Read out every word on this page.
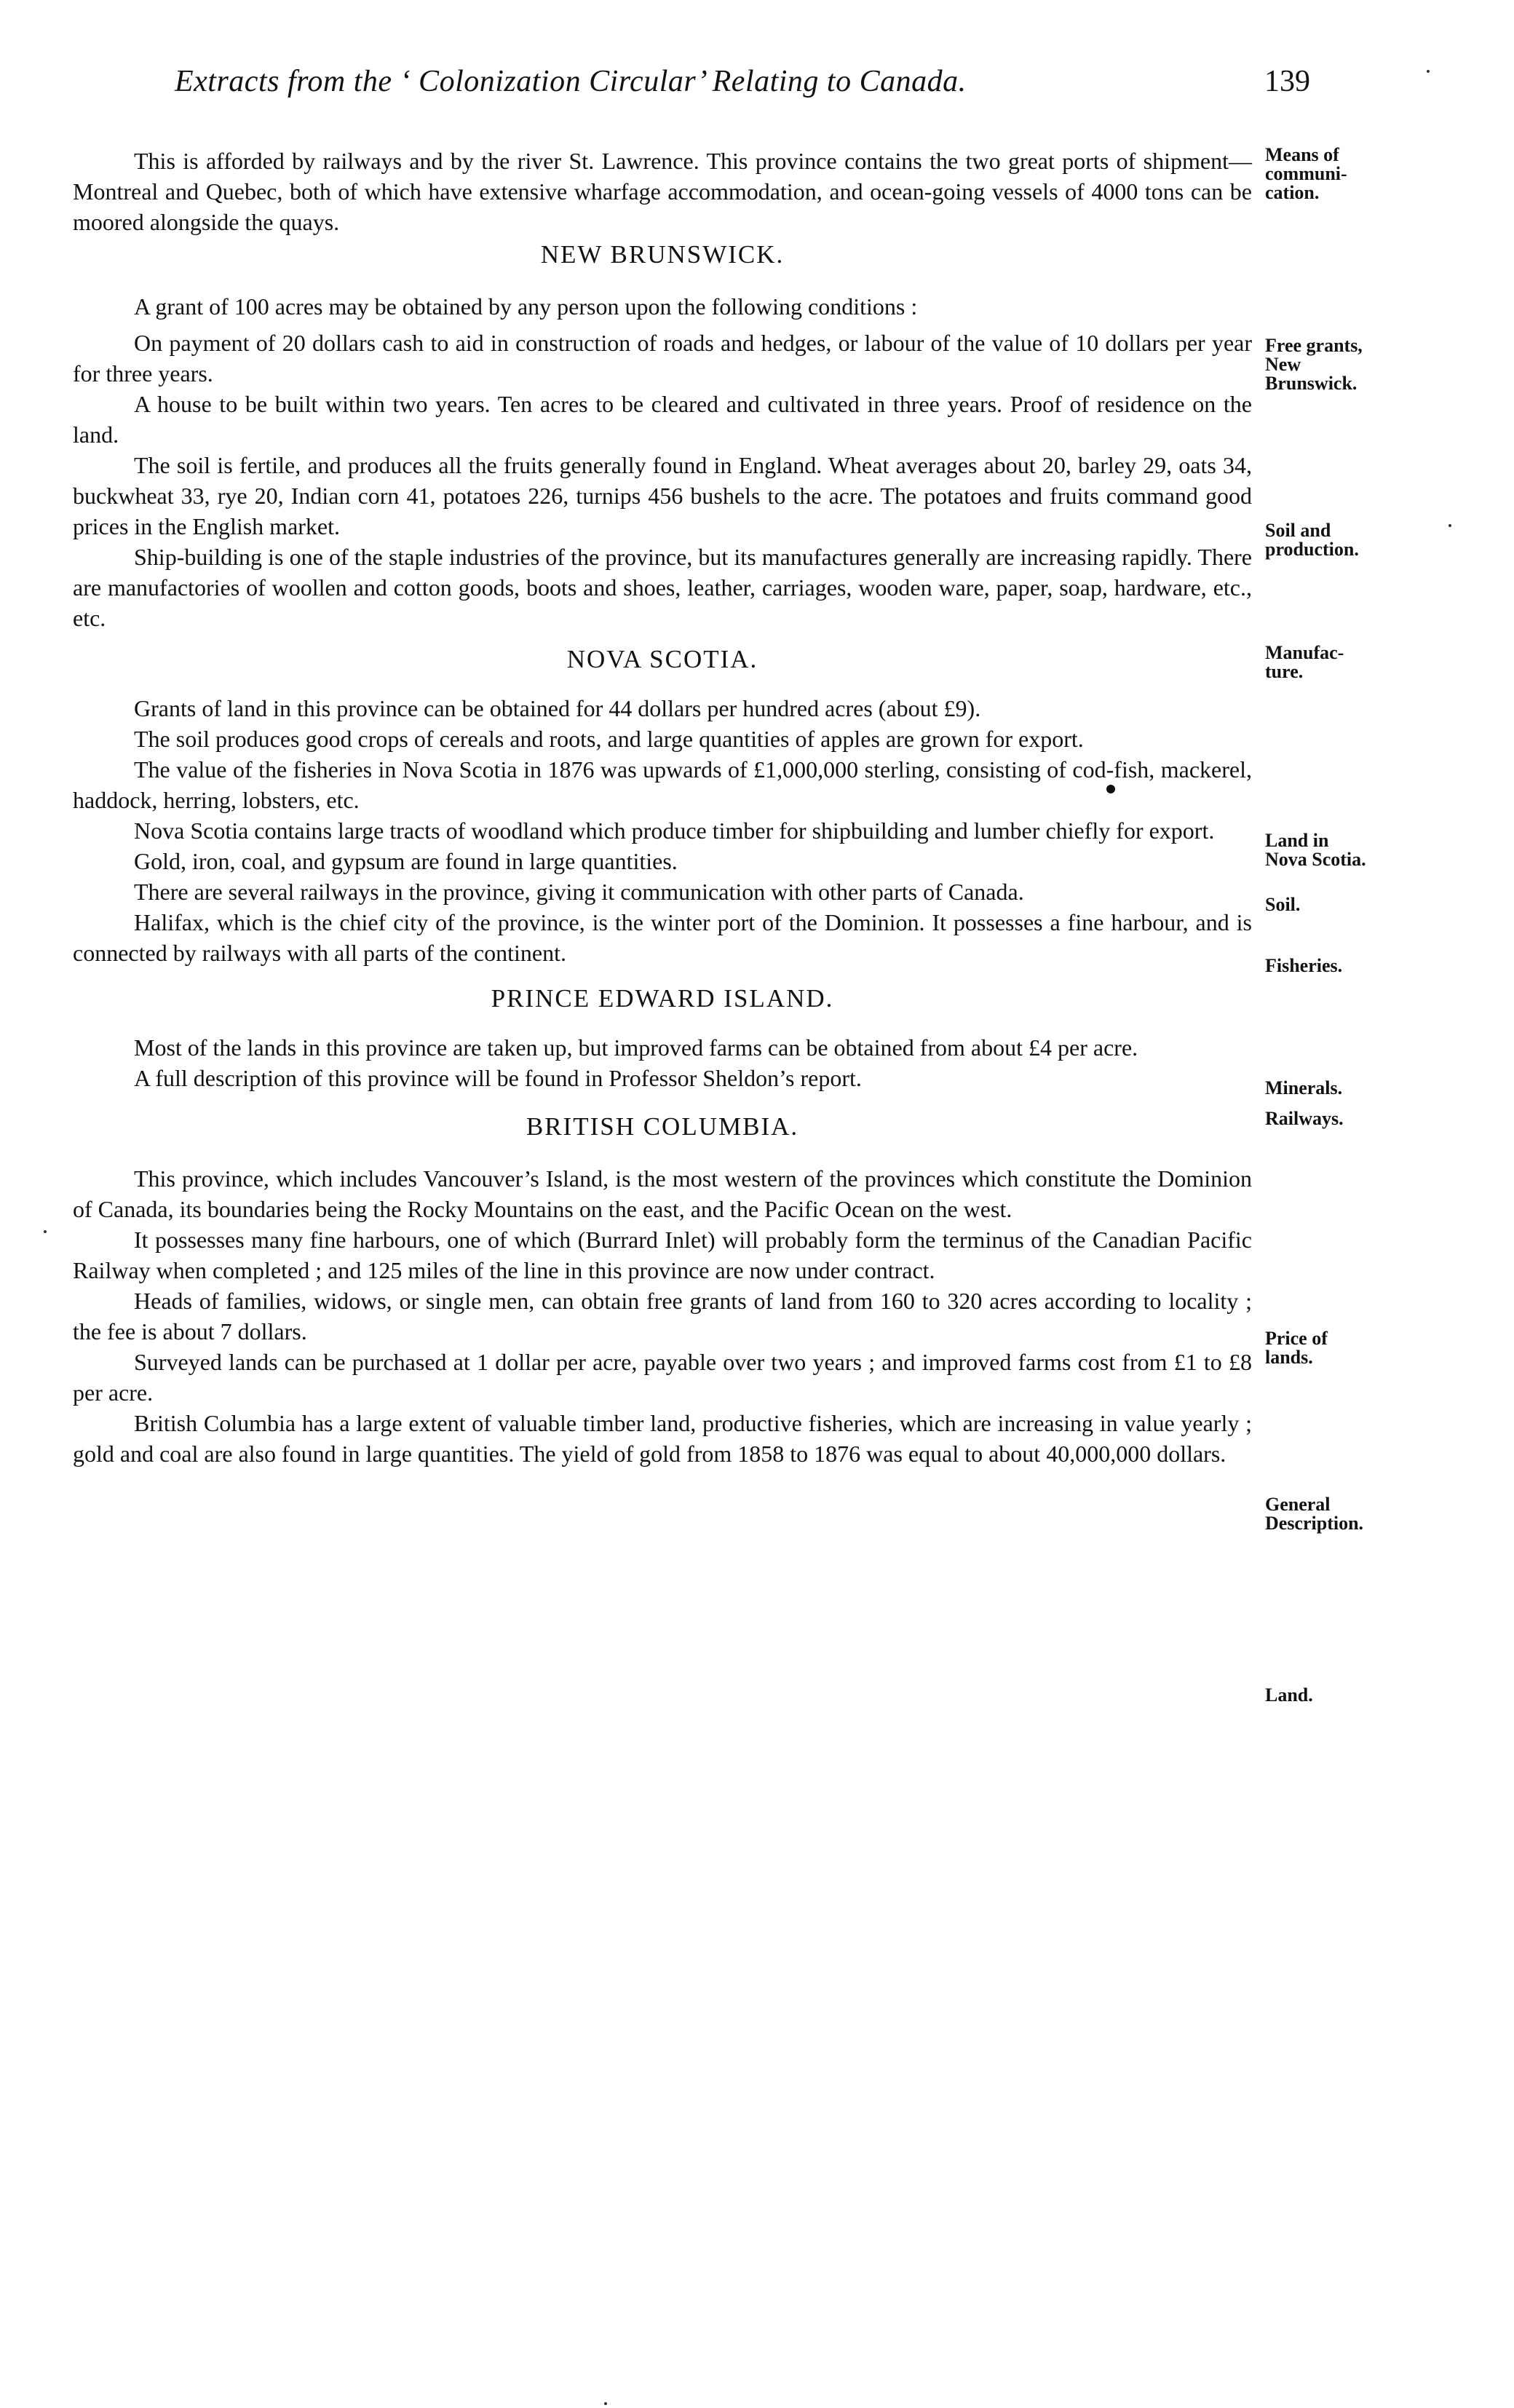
Extracts from the ‘ Colonization Circular’ Relating to Canada.	139

This is afforded by railways and by the river St. Lawrence. This province contains the two great ports of shipment—Montreal and Quebec, both of which have extensive wharfage accommodation, and ocean-going vessels of 4000 tons can be moored alongside the quays.

NEW BRUNSWICK.

A grant of 100 acres may be obtained by any person upon the following conditions :

On payment of 20 dollars cash to aid in construction of roads and hedges, or labour of the value of 10 dollars per year for three years.

A house to be built within two years. Ten acres to be cleared and cultivated in three years. Proof of residence on the land.

The soil is fertile, and produces all the fruits generally found in England. Wheat averages about 20, barley 29, oats 34, buckwheat 33, rye 20, Indian corn 41, potatoes 226, turnips 456 bushels to the acre. The potatoes and fruits command good prices in the English market.

Ship-building is one of the staple industries of the province, but its manufactures generally are increasing rapidly. There are manufactories of woollen and cotton goods, boots and shoes, leather, carriages, wooden ware, paper, soap, hardware, etc., etc.

NOVA SCOTIA.

Grants of land in this province can be obtained for 44 dollars per hundred acres (about £9).

The soil produces good crops of cereals and roots, and large quantities of apples are grown for export.

The value of the fisheries in Nova Scotia in 1876 was upwards of £1,000,000 sterling, consisting of cod-fish, mackerel, haddock, herring, lobsters, etc.

Nova Scotia contains large tracts of woodland which produce timber for shipbuilding and lumber chiefly for export.

Gold, iron, coal, and gypsum are found in large quantities.

There are several railways in the province, giving it communication with other parts of Canada.

Halifax, which is the chief city of the province, is the winter port of the Dominion. It possesses a fine harbour, and is connected by railways with all parts of the continent.

PRINCE EDWARD ISLAND.

Most of the lands in this province are taken up, but improved farms can be obtained from about £4 per acre.

A full description of this province will be found in Professor Sheldon’s report.

BRITISH COLUMBIA.

This province, which includes Vancouver’s Island, is the most western of the provinces which constitute the Dominion of Canada, its boundaries being the Rocky Mountains on the east, and the Pacific Ocean on the west.

It possesses many fine harbours, one of which (Burrard Inlet) will probably form the terminus of the Canadian Pacific Railway when completed ; and 125 miles of the line in this province are now under contract.

Heads of families, widows, or single men, can obtain free grants of land from 160 to 320 acres according to locality ; the fee is about 7 dollars.

Surveyed lands can be purchased at 1 dollar per acre, payable over two years ; and improved farms cost from £1 to £8 per acre.

British Columbia has a large extent of valuable timber land, productive fisheries, which are increasing in value yearly ; gold and coal are also found in large quantities. The yield of gold from 1858 to 1876 was equal to about 40,000,000 dollars.

Means of
communi-
cation.
Free grants,
New
Brunswick.
Soil and
production.
Manufac-
ture.
Land in
Nova Scotia.
Soil.
Fisheries.
Minerals.
Railways.
Price of
lands.
General
Description.
Land.
